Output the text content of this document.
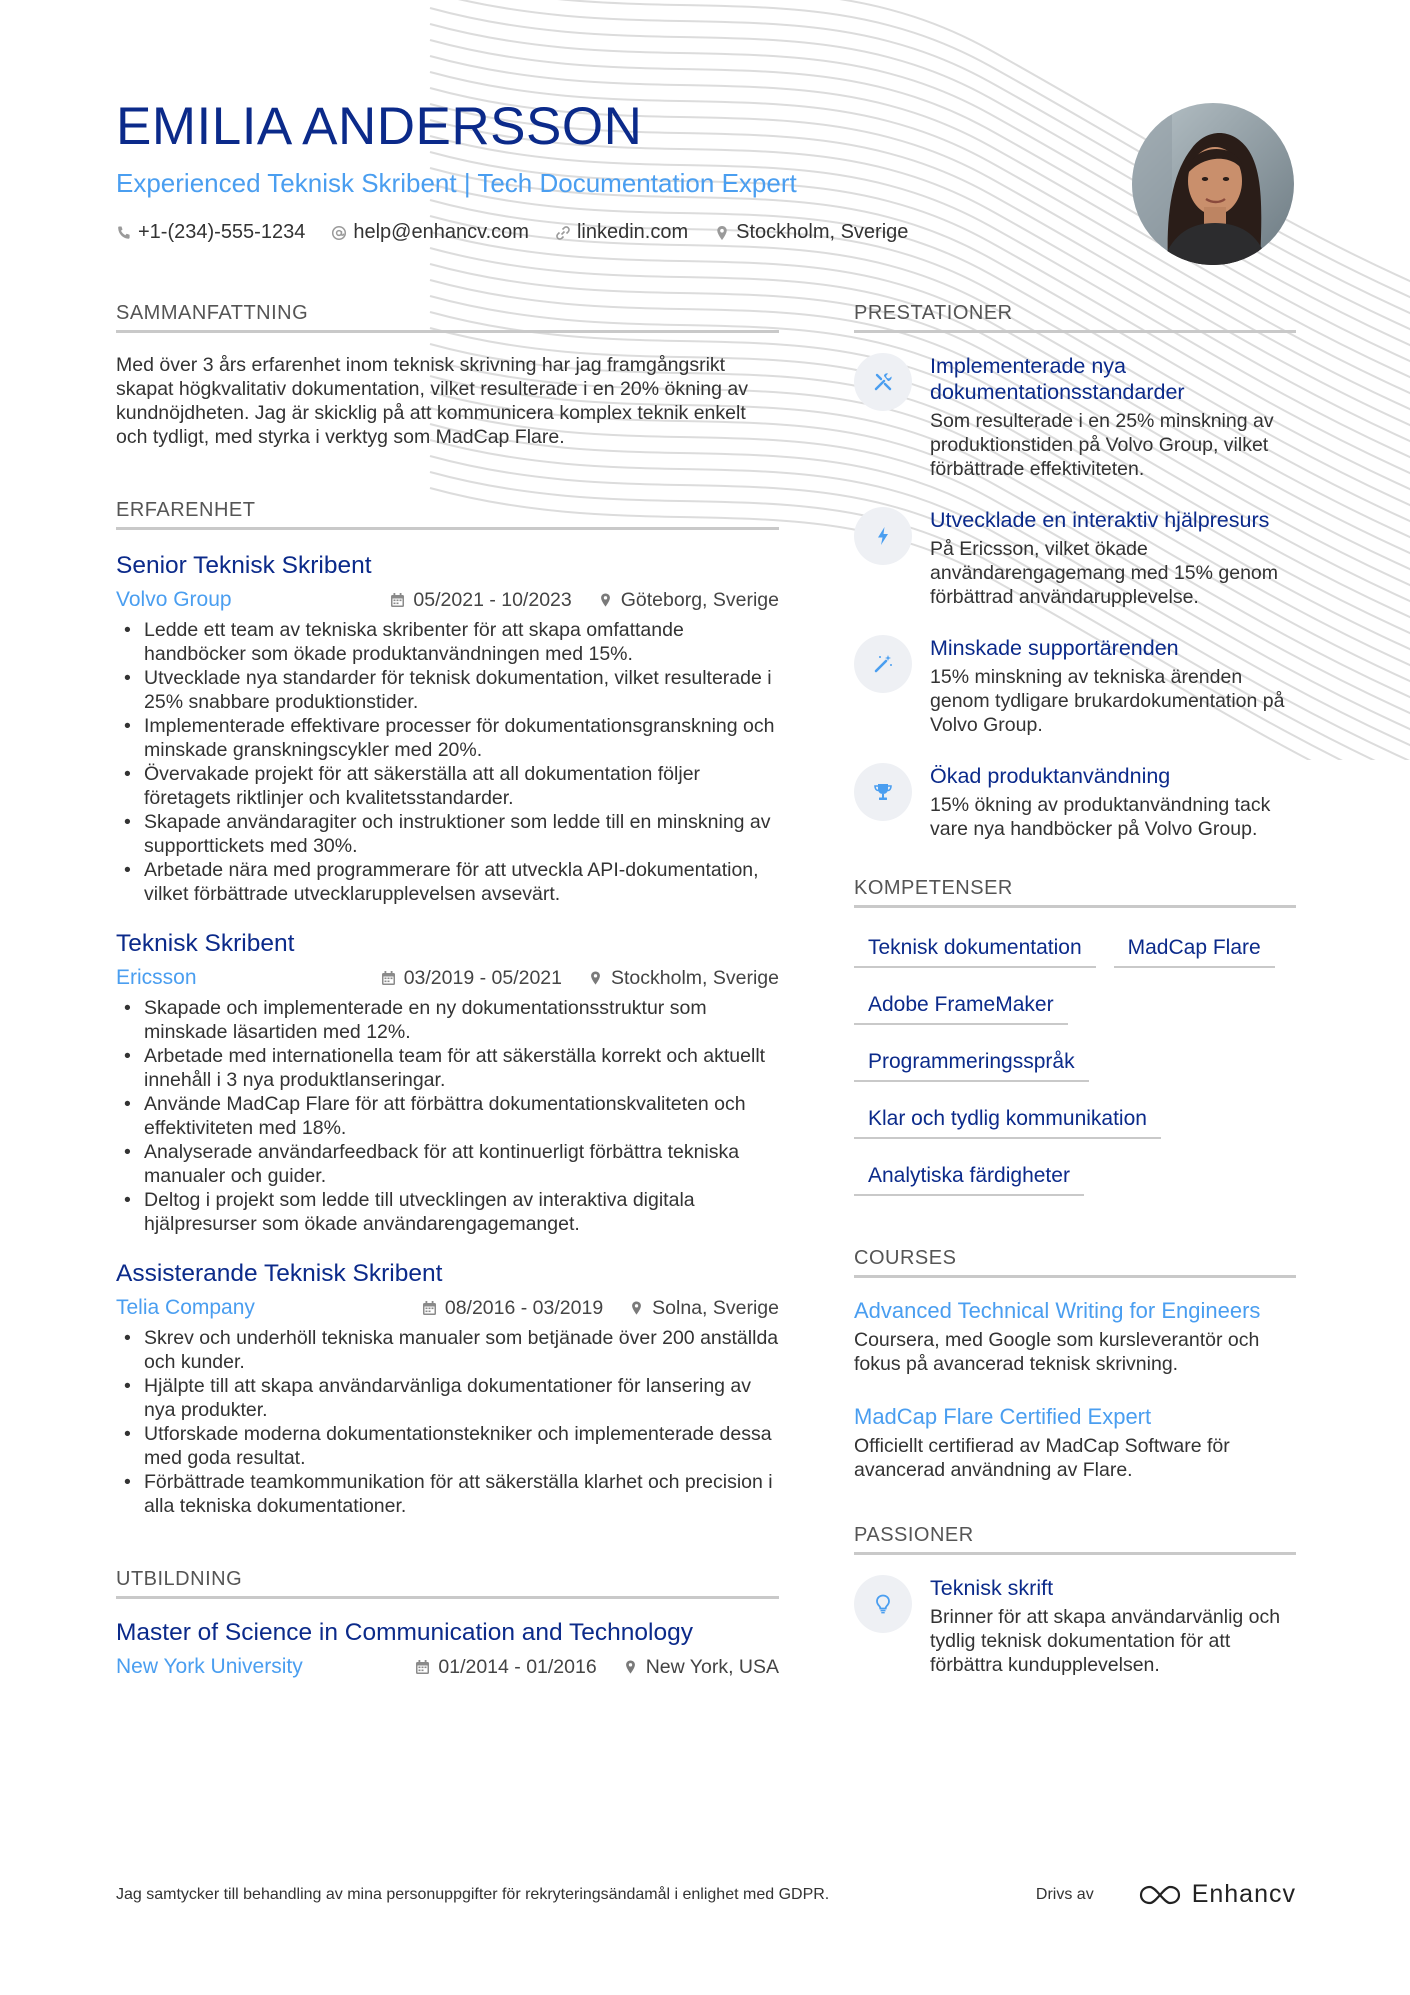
EMILIA ANDERSSON
Experienced Teknisk Skribent | Tech Documentation Expert
+1-(234)-555-1234 help@enhancv.com linkedin.com Stockholm, Sverige
SAMMANFATTNING

Med över 3 års erfarenhet inom teknisk skrivning har jag framgångsrikt skapat högkvalitativ dokumentation, vilket resulterade i en 20% ökning av kundnöjdheten. Jag är skicklig på att kommunicera komplex teknik enkelt och tydligt, med styrka i verktyg som MadCap Flare.

ERFARENHET
Senior Teknisk Skribent
Volvo Group	05/2021 - 10/2023	Göteborg, Sverige
• Ledde ett team av tekniska skribenter för att skapa omfattande handböcker som ökade produktanvändningen med 15%.
• Utvecklade nya standarder för teknisk dokumentation, vilket resulterade i 25% snabbare produktionstider.
• Implementerade effektivare processer för dokumentationsgranskning och minskade granskningscykler med 20%.
• Övervakade projekt för att säkerställa att all dokumentation följer företagets riktlinjer och kvalitetsstandarder.
• Skapade användaragiter och instruktioner som ledde till en minskning av supporttickets med 30%.
• Arbetade nära med programmerare för att utveckla API-dokumentation, vilket förbättrade utvecklarupplevelsen avsevärt.
Teknisk Skribent
Ericsson	03/2019 - 05/2021	Stockholm, Sverige
• Skapade och implementerade en ny dokumentationsstruktur som minskade läsartiden med 12%.
• Arbetade med internationella team för att säkerställa korrekt och aktuellt innehåll i 3 nya produktlanseringar.
• Använde MadCap Flare för att förbättra dokumentationskvaliteten och effektiviteten med 18%.
• Analyserade användarfeedback för att kontinuerligt förbättra tekniska manualer och guider.
• Deltog i projekt som ledde till utvecklingen av interaktiva digitala hjälpresurser som ökade användarengagemanget.
Assisterande Teknisk Skribent
Telia Company	08/2016 - 03/2019	Solna, Sverige
• Skrev och underhöll tekniska manualer som betjänade över 200 anställda och kunder.
• Hjälpte till att skapa användarvänliga dokumentationer för lansering av nya produkter.
• Utforskade moderna dokumentationstekniker och implementerade dessa med goda resultat.
• Förbättrade teamkommunikation för att säkerställa klarhet och precision i alla tekniska dokumentationer.
UTBILDNING
Master of Science in Communication and Technology
New York University	01/2014 - 01/2016	New York, USA
PRESTATIONER
Implementerade nya dokumentationsstandarder
Som resulterade i en 25% minskning av produktionstiden på Volvo Group, vilket förbättrade effektiviteten.
Utvecklade en interaktiv hjälpresurs
På Ericsson, vilket ökade användarengagemang med 15% genom förbättrad användarupplevelse.
Minskade supportärenden
15% minskning av tekniska ärenden genom tydligare brukardokumentation på Volvo Group.
Ökad produktanvändning
15% ökning av produktanvändning tack vare nya handböcker på Volvo Group.
KOMPETENSER
Teknisk dokumentation	MadCap Flare
Adobe FrameMaker
Programmeringsspråk
Klar och tydlig kommunikation
Analytiska färdigheter
COURSES
Advanced Technical Writing for Engineers
Coursera, med Google som kursleverantör och fokus på avancerad teknisk skrivning.
MadCap Flare Certified Expert
Officiellt certifierad av MadCap Software för avancerad användning av Flare.
PASSIONER
Teknisk skrift
Brinner för att skapa användarvänlig och tydlig teknisk dokumentation för att förbättra kundupplevelsen.
Jag samtycker till behandling av mina personuppgifter för rekryteringsändamål i enlighet med GDPR.	Drivs av	Enhancv
